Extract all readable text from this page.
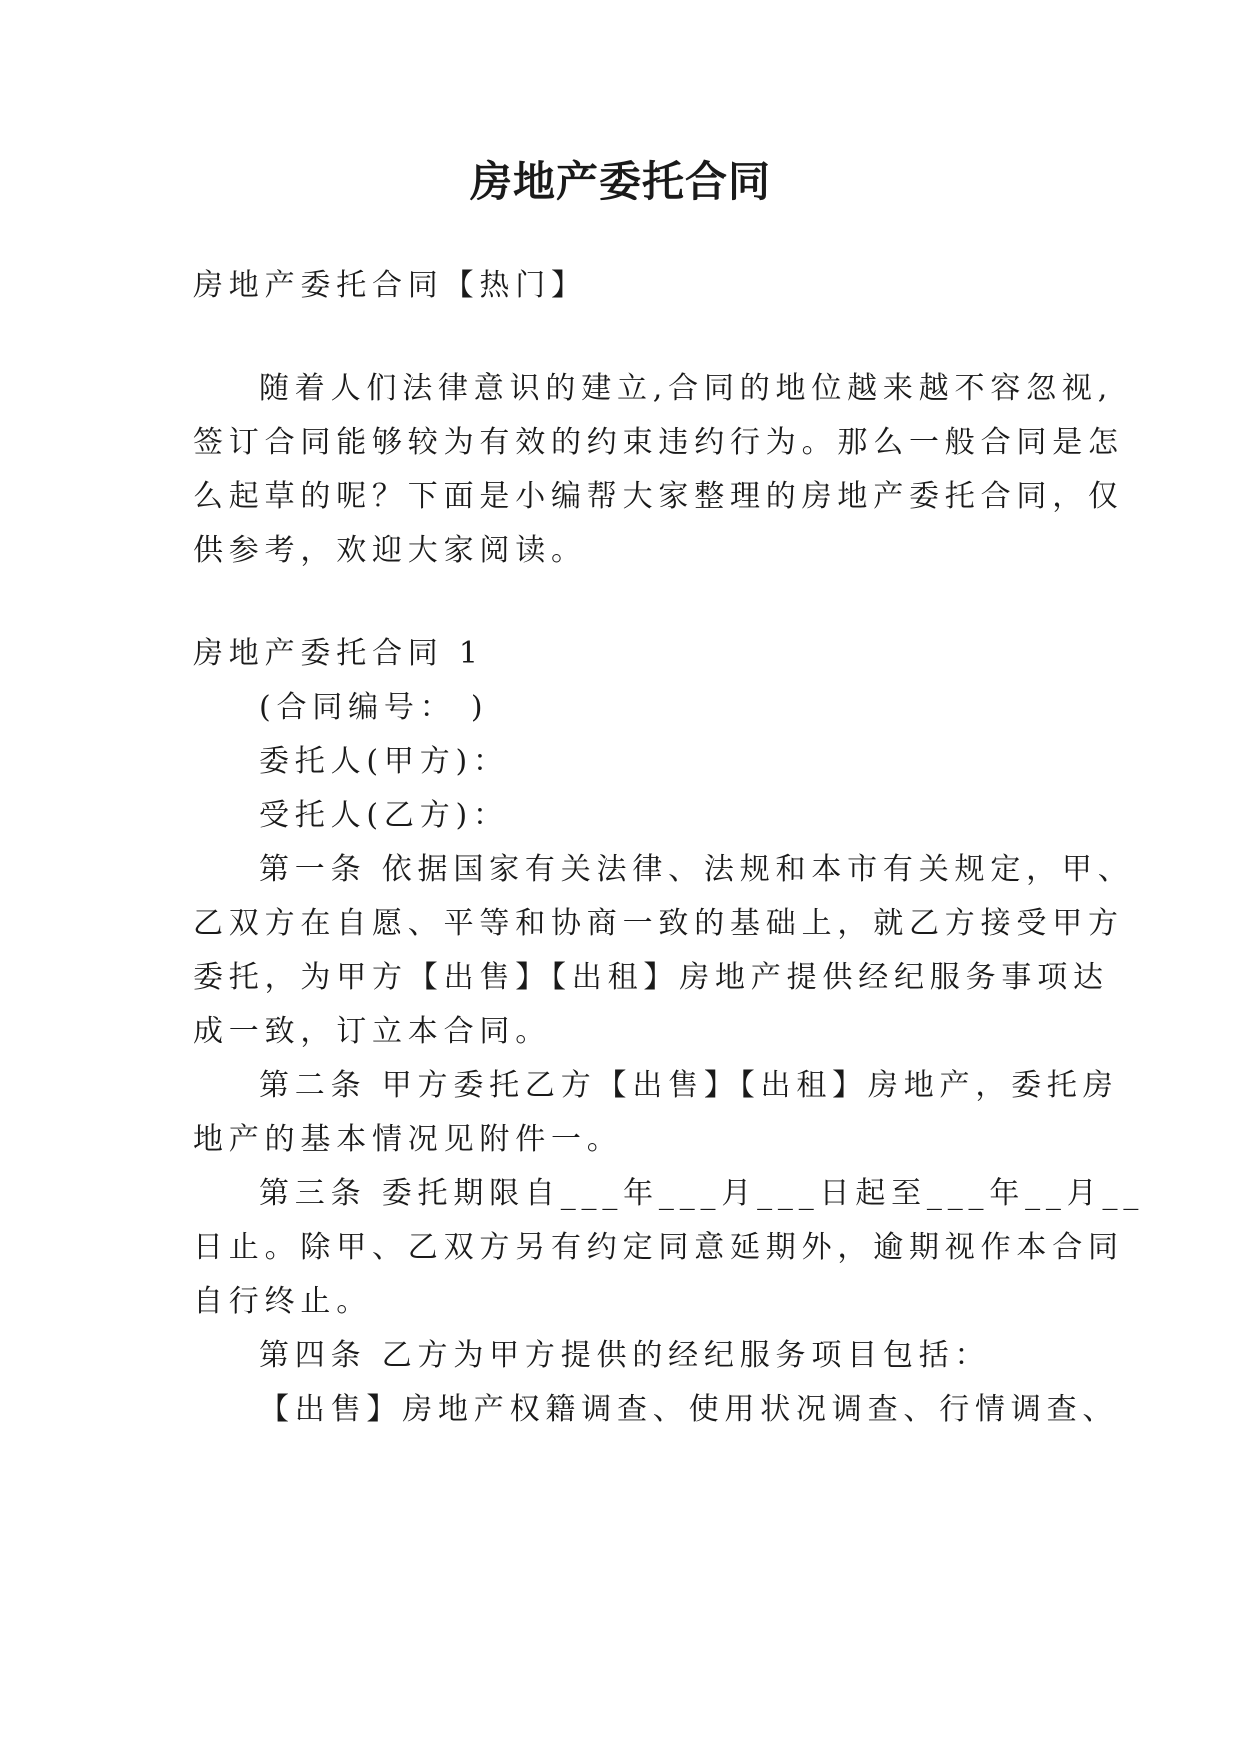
房地产委托合同
房地产委托合同【热门】
随着人们法律意识的建立,合同的地位越来越不容忽视,
签订合同能够较为有效的约束违约行为。那么一般合同是怎
么起草的呢？下面是小编帮大家整理的房地产委托合同，仅
供参考，欢迎大家阅读。
房地产委托合同 1
(合同编号： )
委托人(甲方)：
受托人(乙方)：
第一条 依据国家有关法律、法规和本市有关规定，甲、
乙双方在自愿、平等和协商一致的基础上，就乙方接受甲方
委托，为甲方【出售】【出租】房地产提供经纪服务事项达
成一致，订立本合同。
第二条 甲方委托乙方【出售】【出租】房地产，委托房
地产的基本情况见附件一。
第三条 委托期限自___年___月___日起至___年__月__
日止。除甲、乙双方另有约定同意延期外，逾期视作本合同
自行终止。
第四条 乙方为甲方提供的经纪服务项目包括：
【出售】房地产权籍调查、使用状况调查、行情调查、
